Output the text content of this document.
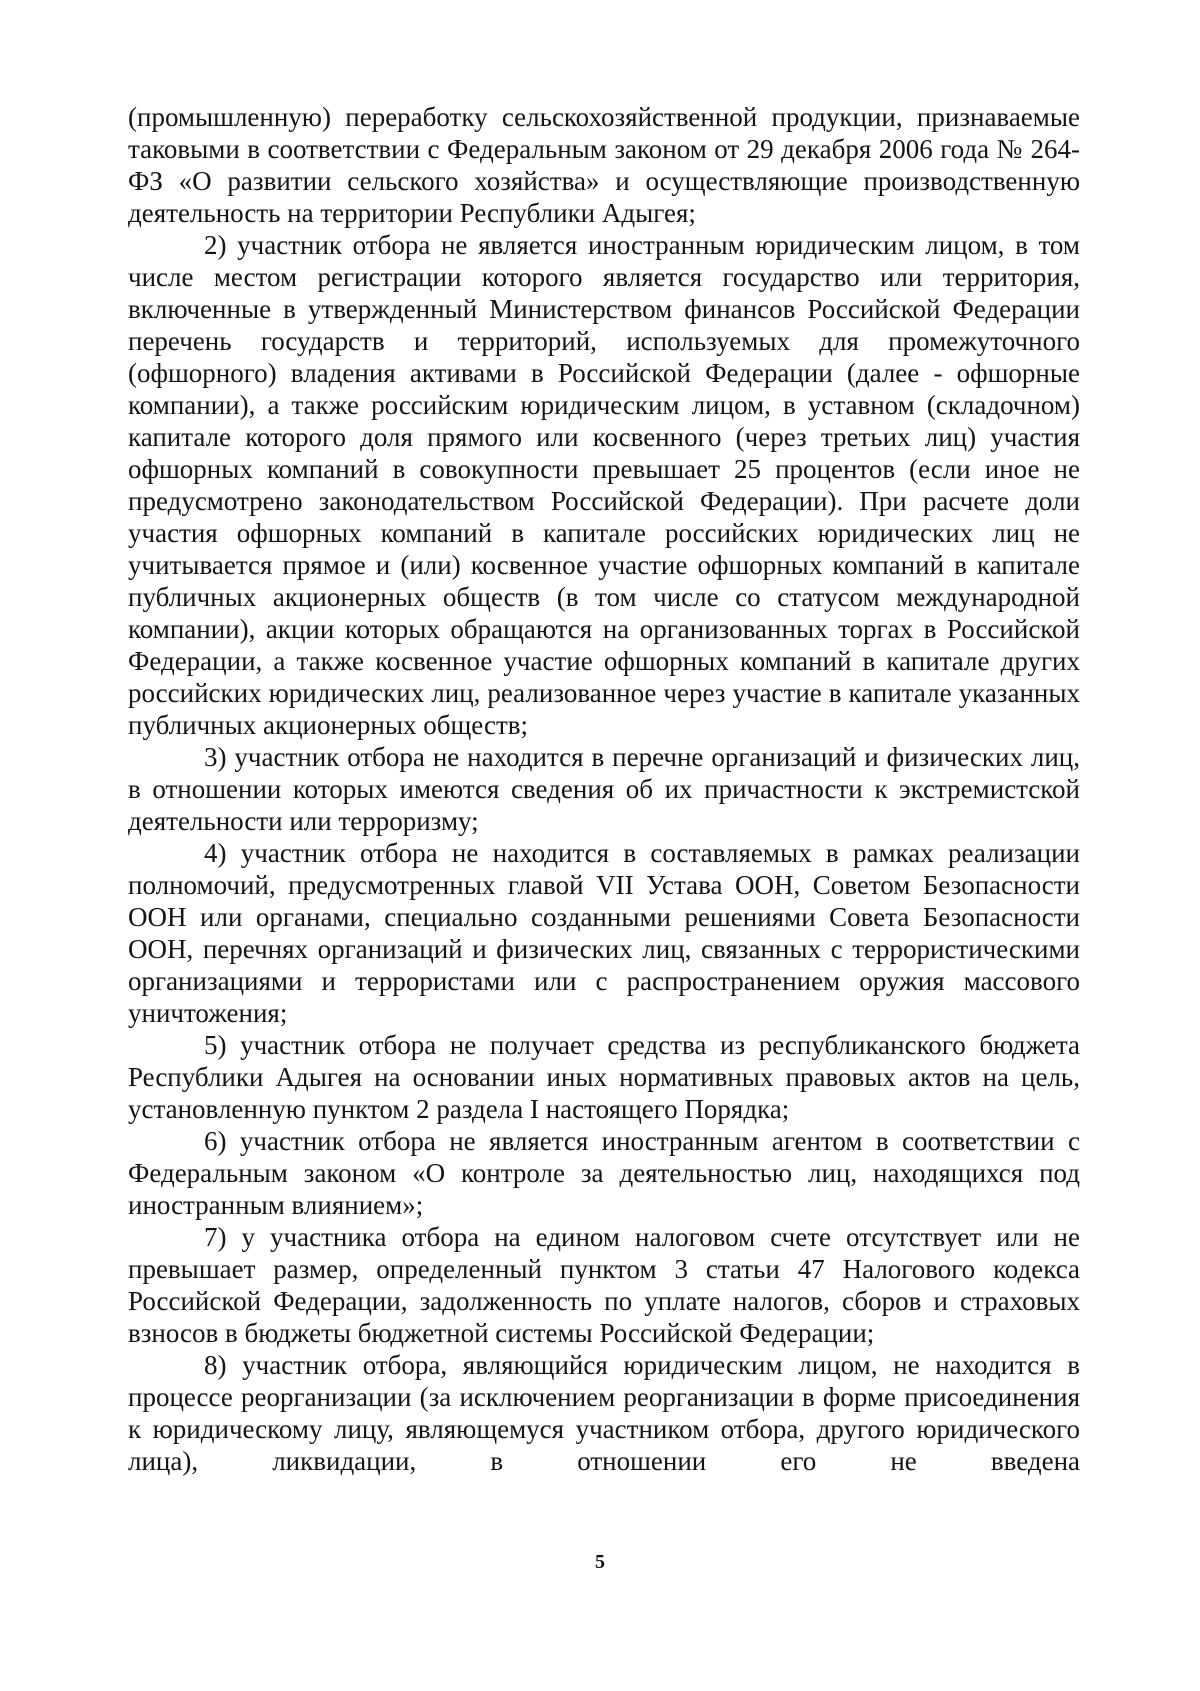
(промышленную) переработку сельскохозяйственной продукции, признаваемые таковыми в соответствии с Федеральным законом от 29 декабря 2006 года № 264-ФЗ «О развитии сельского хозяйства» и осуществляющие производственную деятельность на территории Республики Адыгея;

2) участник отбора не является иностранным юридическим лицом, в том числе местом регистрации которого является государство или территория, включенные в утвержденный Министерством финансов Российской Федерации перечень государств и территорий, используемых для промежуточного (офшорного) владения активами в Российской Федерации (далее - офшорные компании), а также российским юридическим лицом, в уставном (складочном) капитале которого доля прямого или косвенного (через третьих лиц) участия офшорных компаний в совокупности превышает 25 процентов (если иное не предусмотрено законодательством Российской Федерации). При расчете доли участия офшорных компаний в капитале российских юридических лиц не учитывается прямое и (или) косвенное участие офшорных компаний в капитале публичных акционерных обществ (в том числе со статусом международной компании), акции которых обращаются на организованных торгах в Российской Федерации, а также косвенное участие офшорных компаний в капитале других российских юридических лиц, реализованное через участие в капитале указанных публичных акционерных обществ;

3) участник отбора не находится в перечне организаций и физических лиц, в отношении которых имеются сведения об их причастности к экстремистской деятельности или терроризму;

4) участник отбора не находится в составляемых в рамках реализации полномочий, предусмотренных главой VII Устава ООН, Советом Безопасности ООН или органами, специально созданными решениями Совета Безопасности ООН, перечнях организаций и физических лиц, связанных с террористическими организациями и террористами или с распространением оружия массового уничтожения;

5) участник отбора не получает средства из республиканского бюджета Республики Адыгея на основании иных нормативных правовых актов на цель, установленную пунктом 2 раздела I настоящего Порядка;

6) участник отбора не является иностранным агентом в соответствии с Федеральным законом «О контроле за деятельностью лиц, находящихся под иностранным влиянием»;

7) у участника отбора на едином налоговом счете отсутствует или не превышает размер, определенный пунктом 3 статьи 47 Налогового кодекса Российской Федерации, задолженность по уплате налогов, сборов и страховых взносов в бюджеты бюджетной системы Российской Федерации;

8) участник отбора, являющийся юридическим лицом, не находится в процессе реорганизации (за исключением реорганизации в форме присоединения к юридическому лицу, являющемуся участником отбора, другого юридического лица), ликвидации, в отношении его не введена

5
